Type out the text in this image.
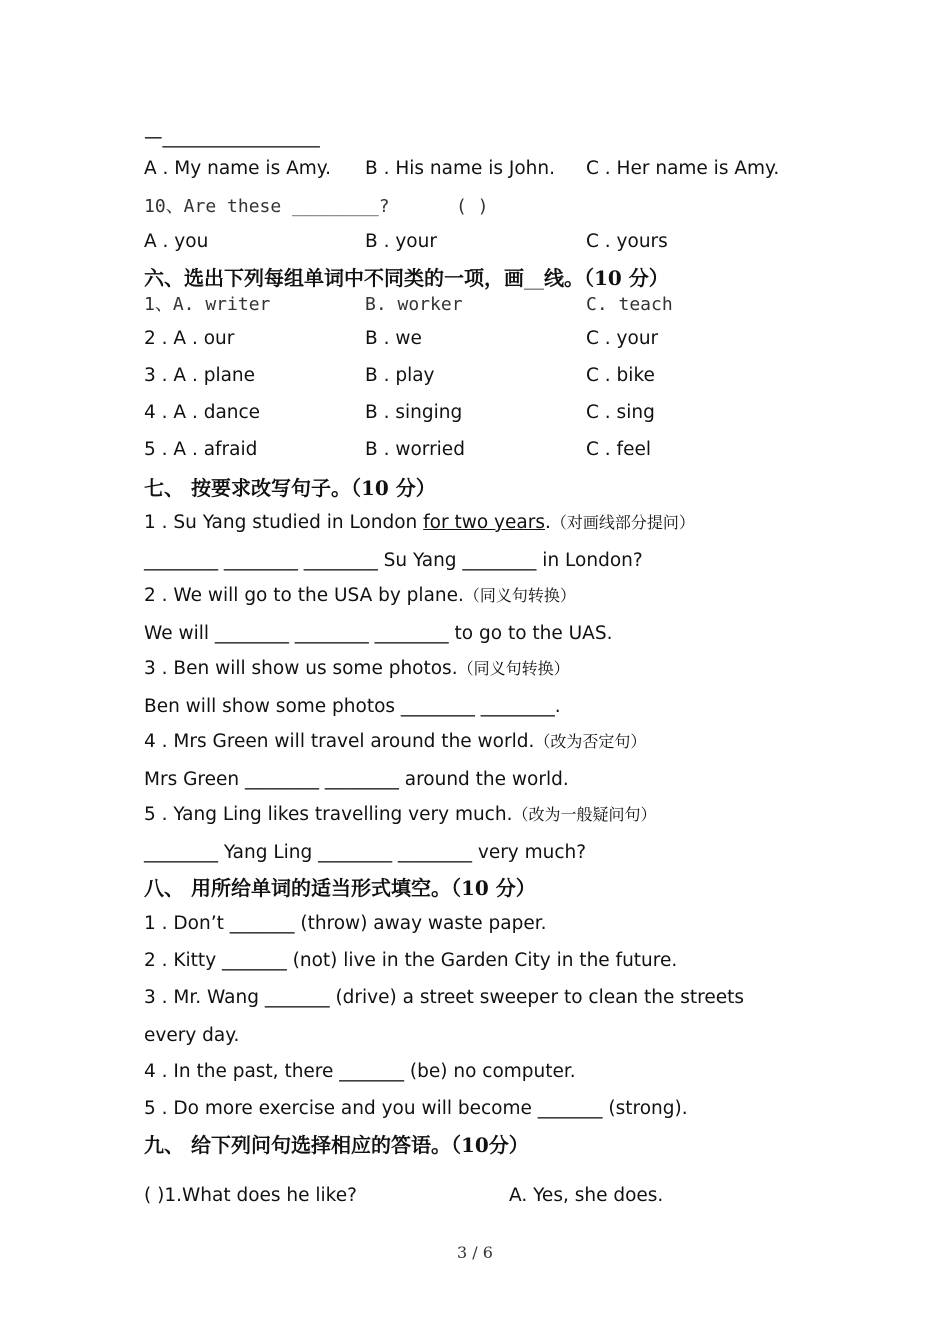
—_________________
A . My name is Amy. B . His name is John. C . Her name is Amy.
10、Are these ________?	( )
A . you	B . your	C . yours
六、选出下列每组单词中不同类的一项，画__线。（10 分）
1、A. writer	B. worker	C. teach
2 . A . our	B . we	C . your
3 . A . plane	B . play	C . bike
4 . A . dance	B . singing	C . sing
5 . A . afraid	B . worried	C . feel
七、 按要求改写句子。（10 分）
1 . Su Yang studied in London for two years.（对画线部分提问）
________ ________ ________ Su Yang ________ in London?
2 . We will go to the USA by plane.（同义句转换）
We will ________ ________ ________ to go to the UAS.
3 . Ben will show us some photos.（同义句转换）
Ben will show some photos ________ ________.
4 . Mrs Green will travel around the world.（改为否定句）
Mrs Green ________ ________ around the world.
5 . Yang Ling likes travelling very much.（改为一般疑问句）
________ Yang Ling ________ ________ very much?
八、 用所给单词的适当形式填空。（10 分）
1 . Don’t _______ (throw) away waste paper.
2 . Kitty _______ (not) live in the Garden City in the future.
3 . Mr. Wang _______ (drive) a street sweeper to clean the streets
every day.
4 . In the past, there _______ (be) no computer.
5 . Do more exercise and you will become _______ (strong).
九、 给下列问句选择相应的答语。（10分）
( )1.What does he like?	A. Yes, she does.
3 / 6
